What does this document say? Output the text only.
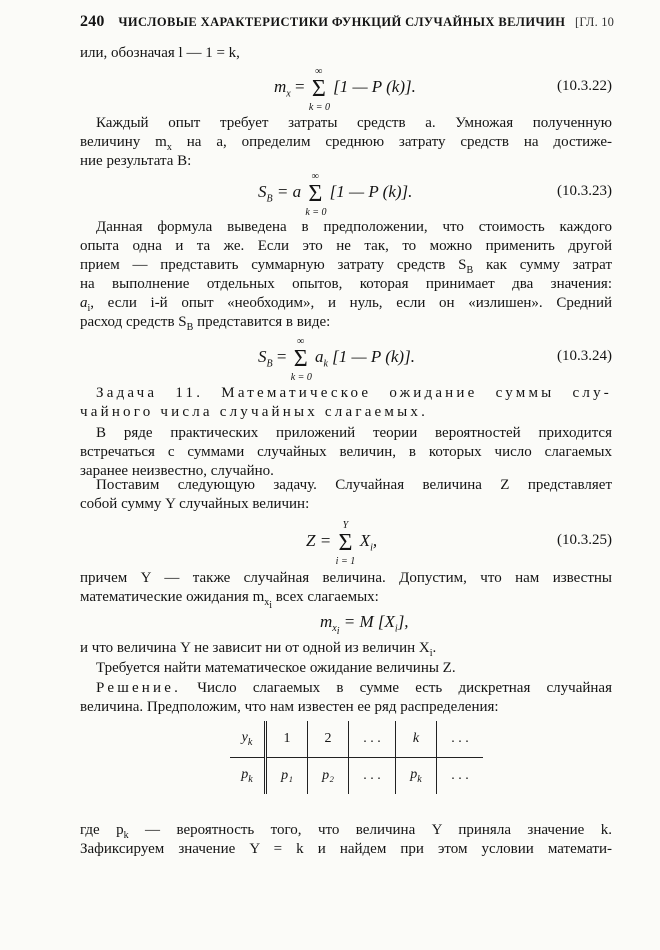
240 ЧИСЛОВЫЕ ХАРАКТЕРИСТИКИ ФУНКЦИЙ СЛУЧАЙНЫХ ВЕЛИЧИН [ГЛ. 10
или, обозначая l — 1 = k,
$m_x$ =
∞
Σ
k = 0
[1 — P (k)].	(10.3.22)
Каждый опыт требует затраты средств a. Умножая полученную
величину $m_x$ на a, определим среднюю затрату средств на достиже-
ние результата B:
$S_B = a$
∞
Σ
k = 0
[1 — P (k)].	(10.3.23)
Данная формула выведена в предположении, что стоимость каждого
опыта одна и та же. Если это не так, то можно применить другой
прием — представить суммарную затрату средств $S_B$ как сумму затрат
на выполнение отдельных опытов, которая принимает два значения:
$a_i$, если i-й опыт «необходим», и нуль, если он «излишен». Средний
расход средств $S_B$ представится в виде:
$S_B$ =
∞
Σ
k = 0
$a_k$ [1 — P (k)].	(10.3.24)
Задача 11. Математическое ожидание суммы слу-
чайного числа случайных слагаемых.
В ряде практических приложений теории вероятностей приходится
встречаться с суммами случайных величин, в которых число слагаемых
заранее неизвестно, случайно.
Поставим следующую задачу. Случайная величина Z представляет
собой сумму Y случайных величин:
Z =
Y
Σ
i = 1
$X_i$,	(10.3.25)
причем Y — также случайная величина. Допустим, что нам известны
математические ожидания $m_{x_i}$ всех слагаемых:
$m_{x_i} = M$ $[X_i]$,
и что величина Y не зависит ни от одной из величин $X_i$.
Требуется найти математическое ожидание величины Z.
Решение. Число слагаемых в сумме есть дискретная случайная
величина. Предположим, что нам известен ее ряд распределения:
$y_k$	1	2	. . .	k	. . .
$p_k$	p₁	p₂	. . .	$p_k$	. . .
где $p_k$ — вероятность того, что величина Y приняла значение k.
Зафиксируем значение Y = k и найдем при этом условии математи-
